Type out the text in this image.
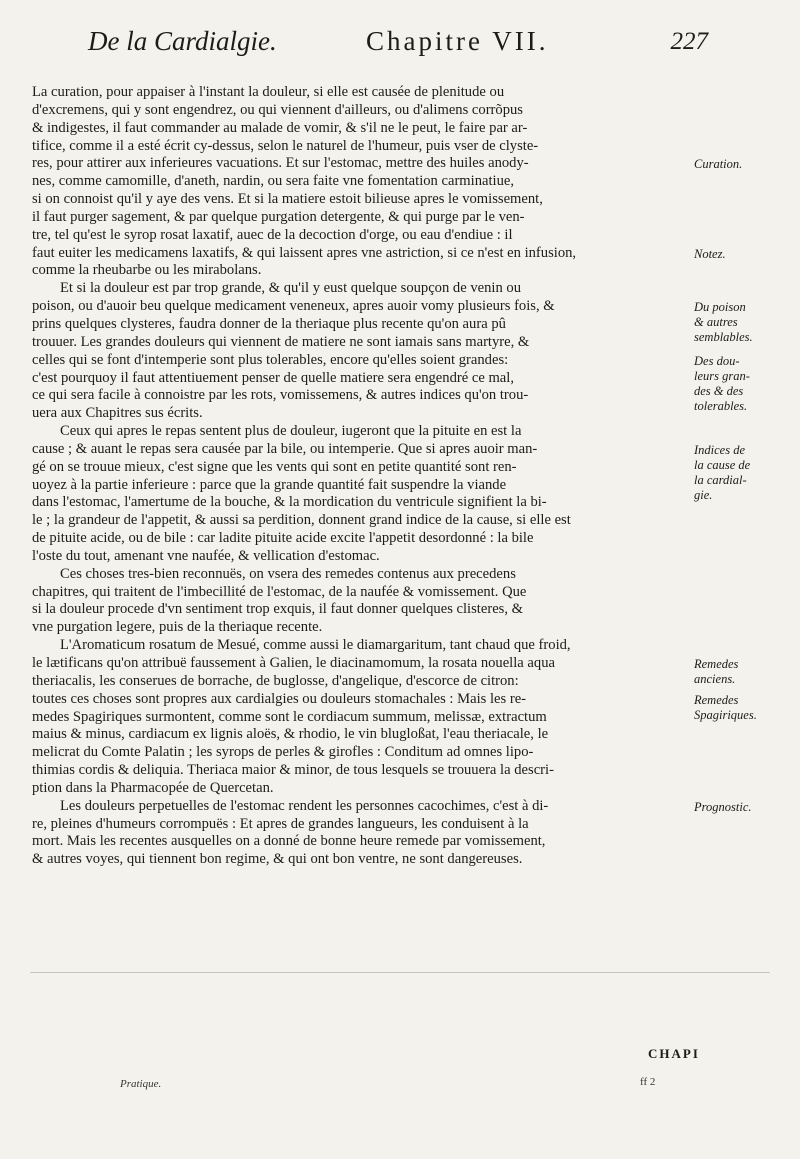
De la Cardialgie.	Chapitre VII.	227
La curation, pour appaiser à l'instant la douleur, si elle est causée de plenitude ou
d'excremens, qui y sont engendrez, ou qui viennent d'ailleurs, ou d'alimens corrõpus
& indigestes, il faut commander au malade de vomir, & s'il ne le peut, le faire par ar-
tifice, comme il a esté écrit cy-dessus, selon le naturel de l'humeur, puis vser de clyste-
res, pour attirer aux inferieures vacuations. Et sur l'estomac, mettre des huiles anody-
nes, comme camomille, d'aneth, nardin, ou sera faite vne fomentation carminatiue,
si on connoist qu'il y aye des vens. Et si la matiere estoit bilieuse apres le vomissement,
il faut purger sagement, & par quelque purgation detergente, & qui purge par le ven-
tre, tel qu'est le syrop rosat laxatif, auec de la decoction d'orge, ou eau d'endiue : il
faut euiter les medicamens laxatifs, & qui laissent apres vne astriction, si ce n'est en infusion,
comme la rheubarbe ou les mirabolans.
Et si la douleur est par trop grande, & qu'il y eust quelque soupçon de venin ou
poison, ou d'auoir beu quelque medicament veneneux, apres auoir vomy plusieurs fois, &
prins quelques clysteres, faudra donner de la theriaque plus recente qu'on aura pû
trouuer. Les grandes douleurs qui viennent de matiere ne sont iamais sans martyre, &
celles qui se font d'intemperie sont plus tolerables, encore qu'elles soient grandes:
c'est pourquoy il faut attentiuement penser de quelle matiere sera engendré ce mal,
ce qui sera facile à connoistre par les rots, vomissemens, & autres indices qu'on trou-
uera aux Chapitres sus écrits.
Ceux qui apres le repas sentent plus de douleur, iugeront que la pituite en est la
cause ; & auant le repas sera causée par la bile, ou intemperie. Que si apres auoir man-
gé on se trouue mieux, c'est signe que les vents qui sont en petite quantité sont ren-
uoyez à la partie inferieure : parce que la grande quantité fait suspendre la viande
dans l'estomac, l'amertume de la bouche, & la mordication du ventricule signifient la bi-
le ; la grandeur de l'appetit, & aussi sa perdition, donnent grand indice de la cause, si elle est
de pituite acide, ou de bile : car ladite pituite acide excite l'appetit desordonné : la bile
l'oste du tout, amenant vne naufée, & vellication d'estomac.
Ces choses tres-bien reconnuës, on vsera des remedes contenus aux precedens
chapitres, qui traitent de l'imbecillité de l'estomac, de la naufée & vomissement. Que
si la douleur procede d'vn sentiment trop exquis, il faut donner quelques clisteres, &
vne purgation legere, puis de la theriaque recente.
L'Aromaticum rosatum de Mesué, comme aussi le diamargaritum, tant chaud que froid,
le lætificans qu'on attribuë faussement à Galien, le diacinamomum, la rosata nouella aqua
theriacalis, les conserues de borrache, de buglosse, d'angelique, d'escorce de citron:
toutes ces choses sont propres aux cardialgies ou douleurs stomachales : Mais les re-
medes Spagiriques surmontent, comme sont le cordiacum summum, melissæ, extractum
maius & minus, cardiacum ex lignis aloës, & rhodio, le vin blugloßat, l'eau theriacale, le
melicrat du Comte Palatin ; les syrops de perles & girofles : Conditum ad omnes lipo-
thimias cordis & deliquia. Theriaca maior & minor, de tous lesquels se trouuera la descri-
ption dans la Pharmacopée de Quercetan.
Les douleurs perpetuelles de l'estomac rendent les personnes cacochimes, c'est à di-
re, pleines d'humeurs corrompuës : Et apres de grandes langueurs, les conduisent à la
mort. Mais les recentes ausquelles on a donné de bonne heure remede par vomissement,
& autres voyes, qui tiennent bon regime, & qui ont bon ventre, ne sont dangereuses.
Curation.
Notez.
Du poison
& autres
semblables.
Des dou-
leurs gran-
des & des
tolerables.
Indices de
la cause de
la cardial-
gie.
Remedes
anciens.
Remedes
Spagiriques.
Prognostic.
CHAPI
Pratique.	ff 2
